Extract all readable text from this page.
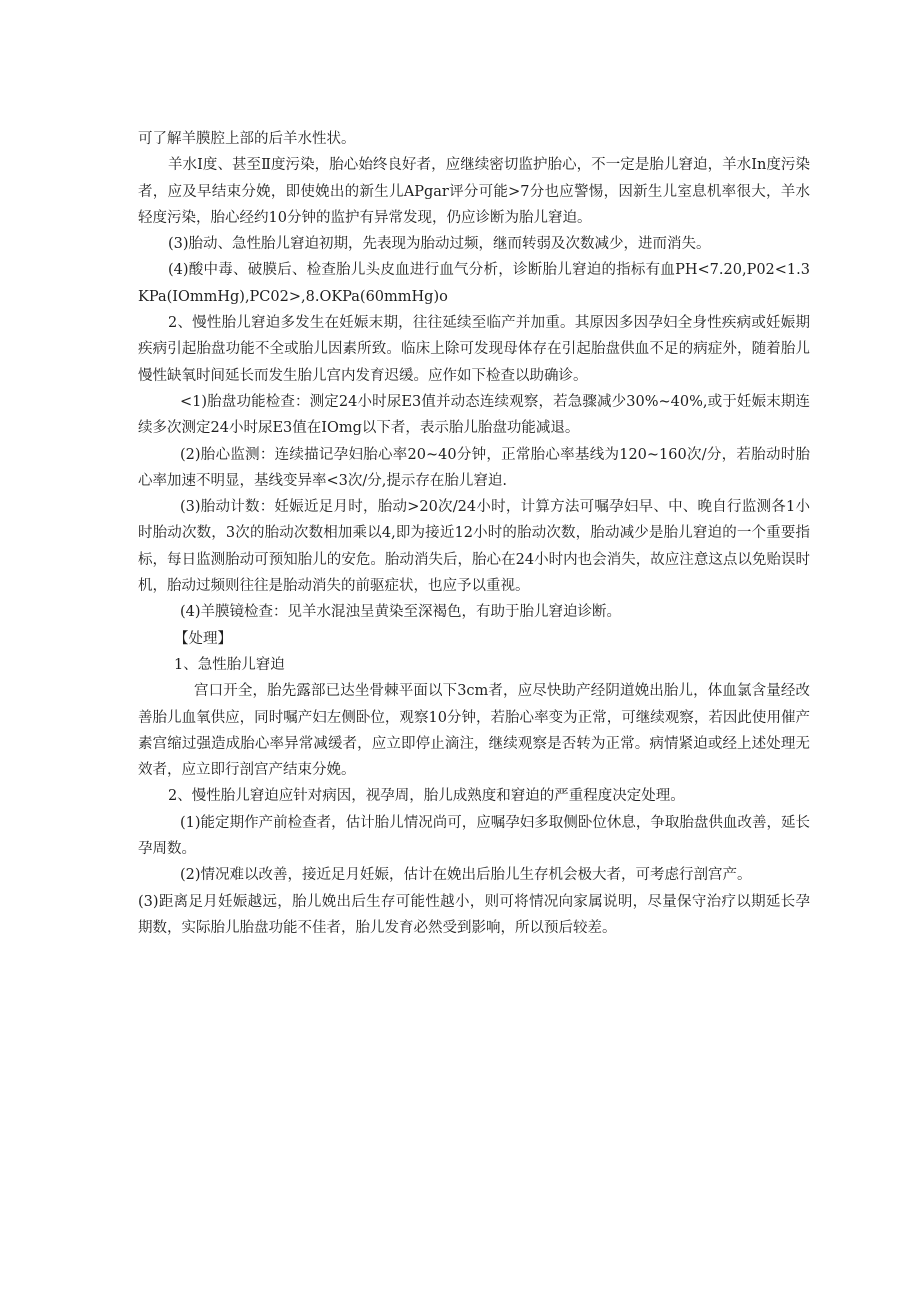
可了解羊膜腔上部的后羊水性状。

羊水Ⅰ度、甚至Ⅱ度污染，胎心始终良好者，应继续密切监护胎心，不一定是胎儿窘迫，羊水In度污染者，应及早结束分娩，即使娩出的新生儿APgar评分可能>7分也应警惕，因新生儿室息机率很大，羊水轻度污染，胎心经约10分钟的监护有异常发现，仍应诊断为胎儿窘迫。

(3)胎动、急性胎儿窘迫初期，先表现为胎动过频，继而转弱及次数减少，进而消失。

(4)酸中毒、破膜后、检查胎儿头皮血进行血气分析，诊断胎儿窘迫的指标有血PH<7.20,P02<1.3KPa(IOmmHg),PC02>,8.OKPa(60mmHg)o

2、慢性胎儿窘迫多发生在妊娠末期，往往延续至临产并加重。其原因多因孕妇全身性疾病或妊娠期疾病引起胎盘功能不全或胎儿因素所致。临床上除可发现母体存在引起胎盘供血不足的病症外，随着胎儿慢性缺氧时间延长而发生胎儿宫内发育迟缓。应作如下检查以助确诊。

<1)胎盘功能检查：测定24小时尿E3值并动态连续观察，若急骤减少30%~40%,或于妊娠末期连续多次测定24小时尿E3值在IOmg以下者，表示胎儿胎盘功能减退。

(2)胎心监测：连续描记孕妇胎心率20~40分钟，正常胎心率基线为120~160次/分，若胎动时胎心率加速不明显，基线变异率<3次/分,提示存在胎儿窘迫.

(3)胎动计数：妊娠近足月时，胎动>20次/24小时，计算方法可嘱孕妇早、中、晚自行监测各1小时胎动次数，3次的胎动次数相加乘以4,即为接近12小时的胎动次数，胎动减少是胎儿窘迫的一个重要指标，每日监测胎动可预知胎儿的安危。胎动消失后，胎心在24小时内也会消失，故应注意这点以免贻误时机，胎动过频则往往是胎动消失的前驱症状，也应予以重视。

(4)羊膜镜检查：见羊水混浊呈黄染至深褐色，有助于胎儿窘迫诊断。

【处理】

1、急性胎儿窘迫

宫口开全，胎先露部已达坐骨棘平面以下3cm者，应尽快助产经阴道娩出胎儿，体血氯含量经改善胎儿血氧供应，同时嘱产妇左侧卧位，观察10分钟，若胎心率变为正常，可继续观察，若因此使用催产素宫缩过强造成胎心率异常减缓者，应立即停止滴注，继续观察是否转为正常。病情紧迫或经上述处理无效者，应立即行剖宫产结束分娩。

2、慢性胎儿窘迫应针对病因，视孕周，胎儿成熟度和窘迫的严重程度决定处理。

(1)能定期作产前检查者，估计胎儿情况尚可，应嘱孕妇多取侧卧位休息，争取胎盘供血改善，延长孕周数。

(2)情况难以改善，接近足月妊娠，估计在娩出后胎儿生存机会极大者，可考虑行剖宫产。

(3)距离足月妊娠越远，胎儿娩出后生存可能性越小，则可将情况向家属说明，尽量保守治疗以期延长孕期数，实际胎儿胎盘功能不佳者，胎儿发育必然受到影响，所以预后较差。
